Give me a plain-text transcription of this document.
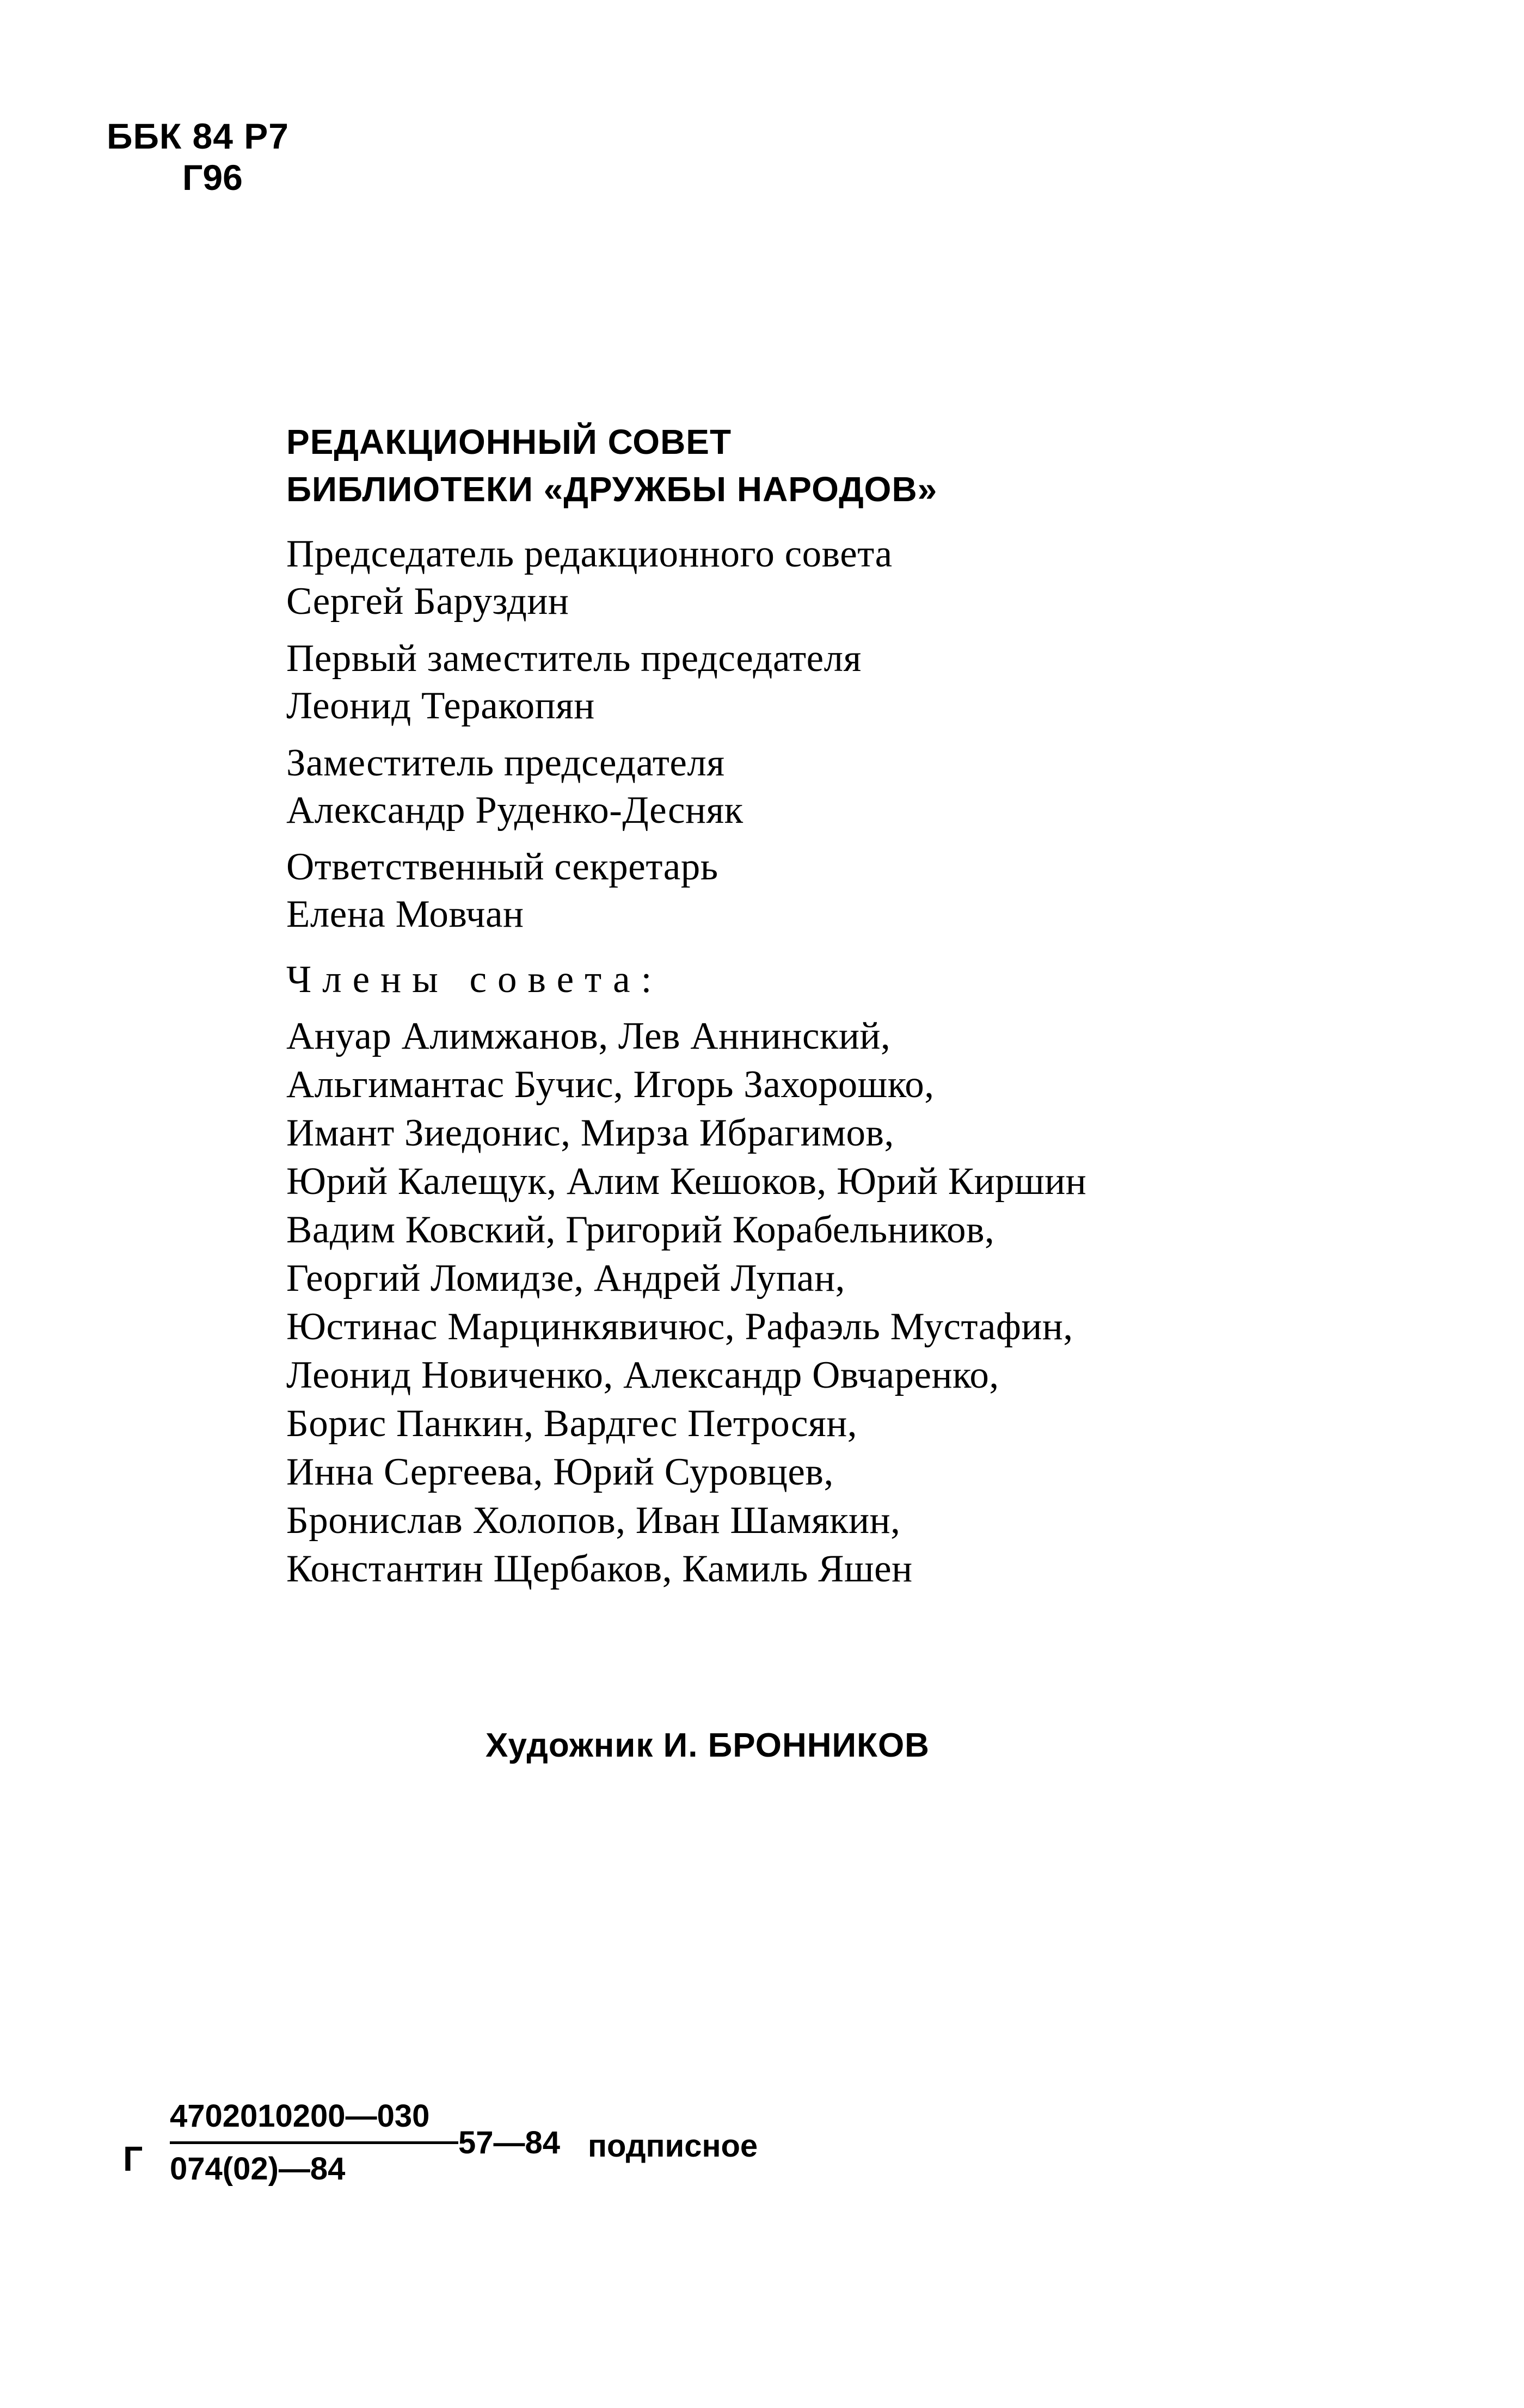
ББК 84 Р7
Г96
РЕДАКЦИОННЫЙ СОВЕТ
БИБЛИОТЕКИ «ДРУЖБЫ НАРОДОВ»
Председатель редакционного совета
Сергей Баруздин
Первый заместитель председателя
Леонид Теракопян
Заместитель председателя
Александр Руденко-Десняк
Ответственный секретарь
Елена Мовчан
Члены совета:
Ануар Алимжанов, Лев Аннинский,
Альгимантас Бучис, Игорь Захорошко,
Имант Зиедонис, Мирза Ибрагимов,
Юрий Калещук, Алим Кешоков, Юрий Киршин
Вадим Ковский, Григорий Корабельников,
Георгий Ломидзе, Андрей Лупан,
Юстинас Марцинкявичюс, Рафаэль Мустафин,
Леонид Новиченко, Александр Овчаренко,
Борис Панкин, Вардгес Петросян,
Инна Сергеева, Юрий Суровцев,
Бронислав Холопов, Иван Шамякин,
Константин Щербаков, Камиль Яшен
Художник И. БРОННИКОВ
Г
4702010200—030
074(02)—84
57—84 подписное
